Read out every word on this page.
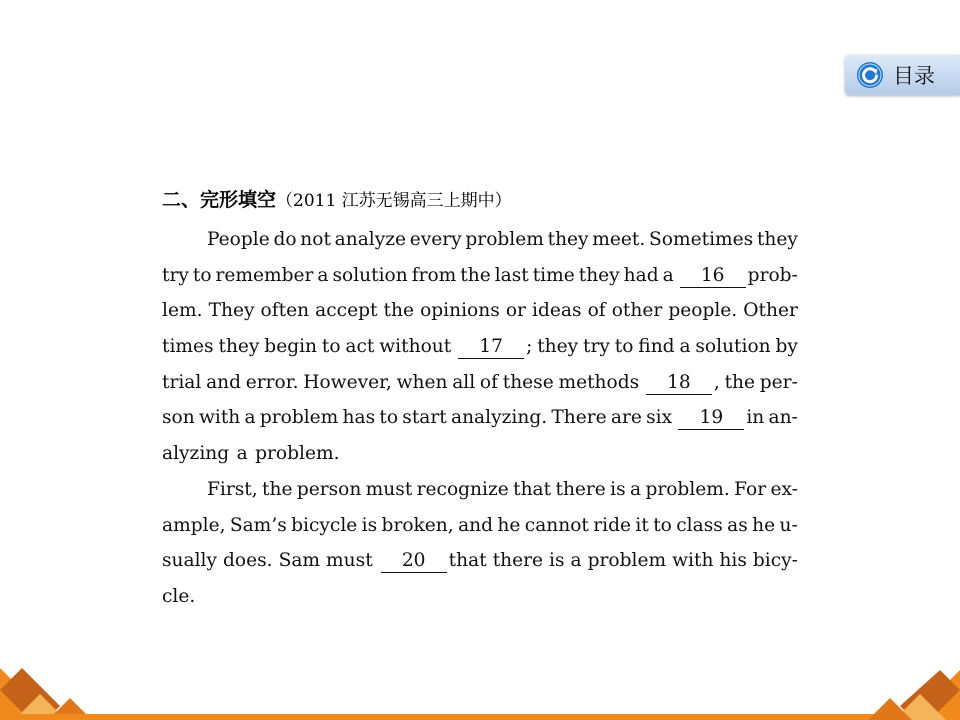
目录
二、完形填空（2011 江苏无锡高三上期中）
People do not analyze every problem they meet. Sometimes they
try to remember a solution from the last time they had a	16 prob-
lem. They often accept the opinions or ideas of other people. Other
times they begin to act without	17 ; they try to find a solution by
trial and error. However, when all of these methods	18 , the per-
son with a problem has to start analyzing. There are six	19 in an-
alyzing a problem.
First, the person must recognize that there is a problem. For ex-
ample, Sam’s bicycle is broken, and he cannot ride it to class as he u-
sually does. Sam must	20 that there is a problem with his bicy-
cle.
